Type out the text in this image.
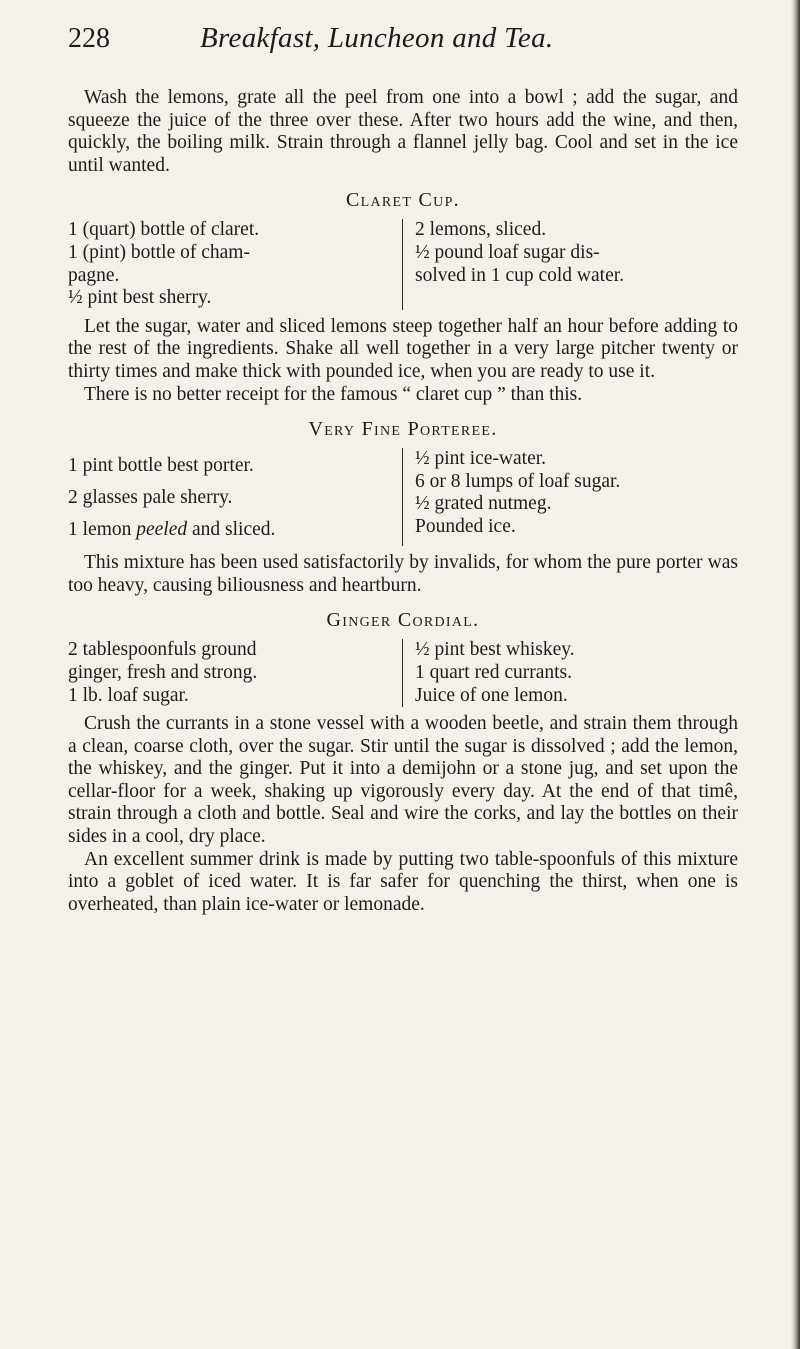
228	Breakfast, Luncheon and Tea.

Wash the lemons, grate all the peel from one into a bowl ; add the sugar, and squeeze the juice of the three over these. After two hours add the wine, and then, quickly, the boiling milk. Strain through a flannel jelly bag. Cool and set in the ice until wanted.

Claret Cup.
1 (quart) bottle of claret.
1 (pint) bottle of cham-
pagne.
½ pint best sherry.
2 lemons, sliced.
½ pound loaf sugar dis-
solved in 1 cup cold water.

Let the sugar, water and sliced lemons steep together half an hour before adding to the rest of the ingredients. Shake all well together in a very large pitcher twenty or thirty times and make thick with pounded ice, when you are ready to use it.

There is no better receipt for the famous “ claret cup ” than this.

Very Fine Porteree.
1 pint bottle best porter.
2 glasses pale sherry.
1 lemon peeled and sliced.
½ pint ice-water.
6 or 8 lumps of loaf sugar.
½ grated nutmeg.
Pounded ice.

This mixture has been used satisfactorily by invalids, for whom the pure porter was too heavy, causing biliousness and heartburn.

Ginger Cordial.
2 tablespoonfuls ground
ginger, fresh and strong.
1 lb. loaf sugar.
½ pint best whiskey.
1 quart red currants.
Juice of one lemon.

Crush the currants in a stone vessel with a wooden beetle, and strain them through a clean, coarse cloth, over the sugar. Stir until the sugar is dissolved ; add the lemon, the whiskey, and the ginger. Put it into a demijohn or a stone jug, and set upon the cellar-floor for a week, shaking up vigorously every day. At the end of that timê, strain through a cloth and bottle. Seal and wire the corks, and lay the bottles on their sides in a cool, dry place.

An excellent summer drink is made by putting two table-spoonfuls of this mixture into a goblet of iced water. It is far safer for quenching the thirst, when one is overheated, than plain ice-water or lemonade.
